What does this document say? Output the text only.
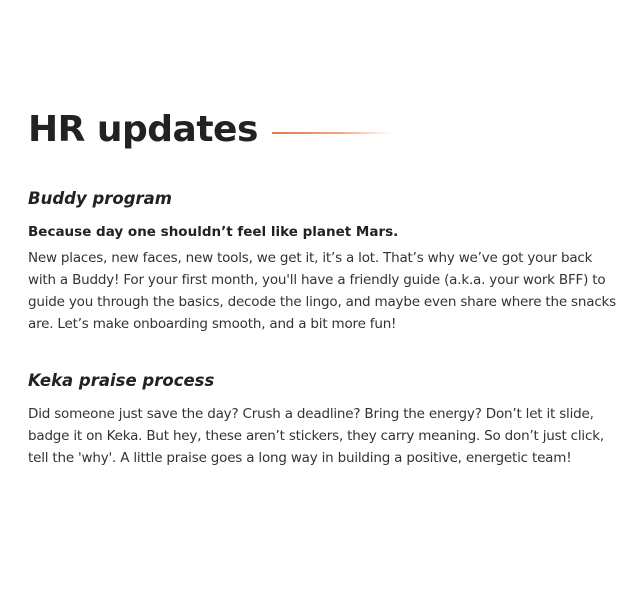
HR updates
Buddy program

Because day one shouldn’t feel like planet Mars.

New places, new faces, new tools, we get it, it’s a lot. That’s why we’ve got your back with a Buddy! For your first month, you'll have a friendly guide (a.k.a. your work BFF) to guide you through the basics, decode the lingo, and maybe even share where the snacks are. Let’s make onboarding smooth, and a bit more fun!

Keka praise process

Did someone just save the day? Crush a deadline? Bring the energy? Don’t let it slide, badge it on Keka. But hey, these aren’t stickers, they carry meaning. So don’t just click, tell the 'why'. A little praise goes a long way in building a positive, energetic team!
